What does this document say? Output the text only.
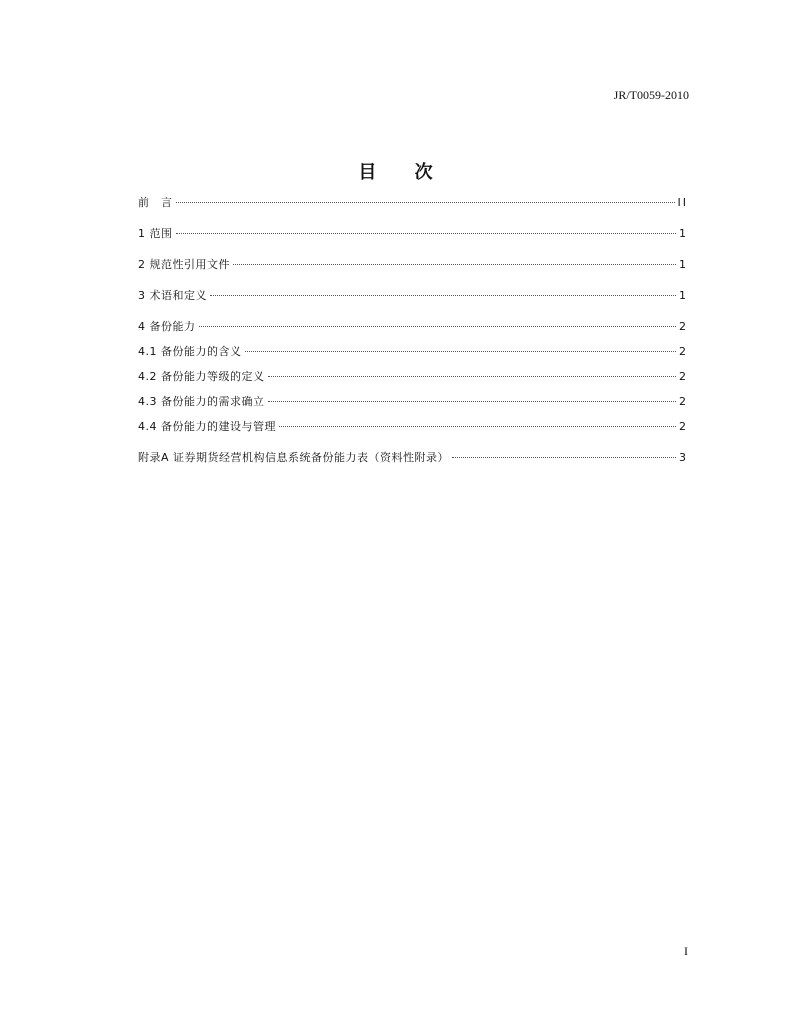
JR/T0059-2010
目 次
前　言	II
1 范围	1
2 规范性引用文件	1
3 术语和定义	1
4 备份能力	2
4.1 备份能力的含义	2
4.2 备份能力等级的定义	2
4.3 备份能力的需求确立	2
4.4 备份能力的建设与管理	2
附录A 证券期货经营机构信息系统备份能力表（资料性附录）	3
I
